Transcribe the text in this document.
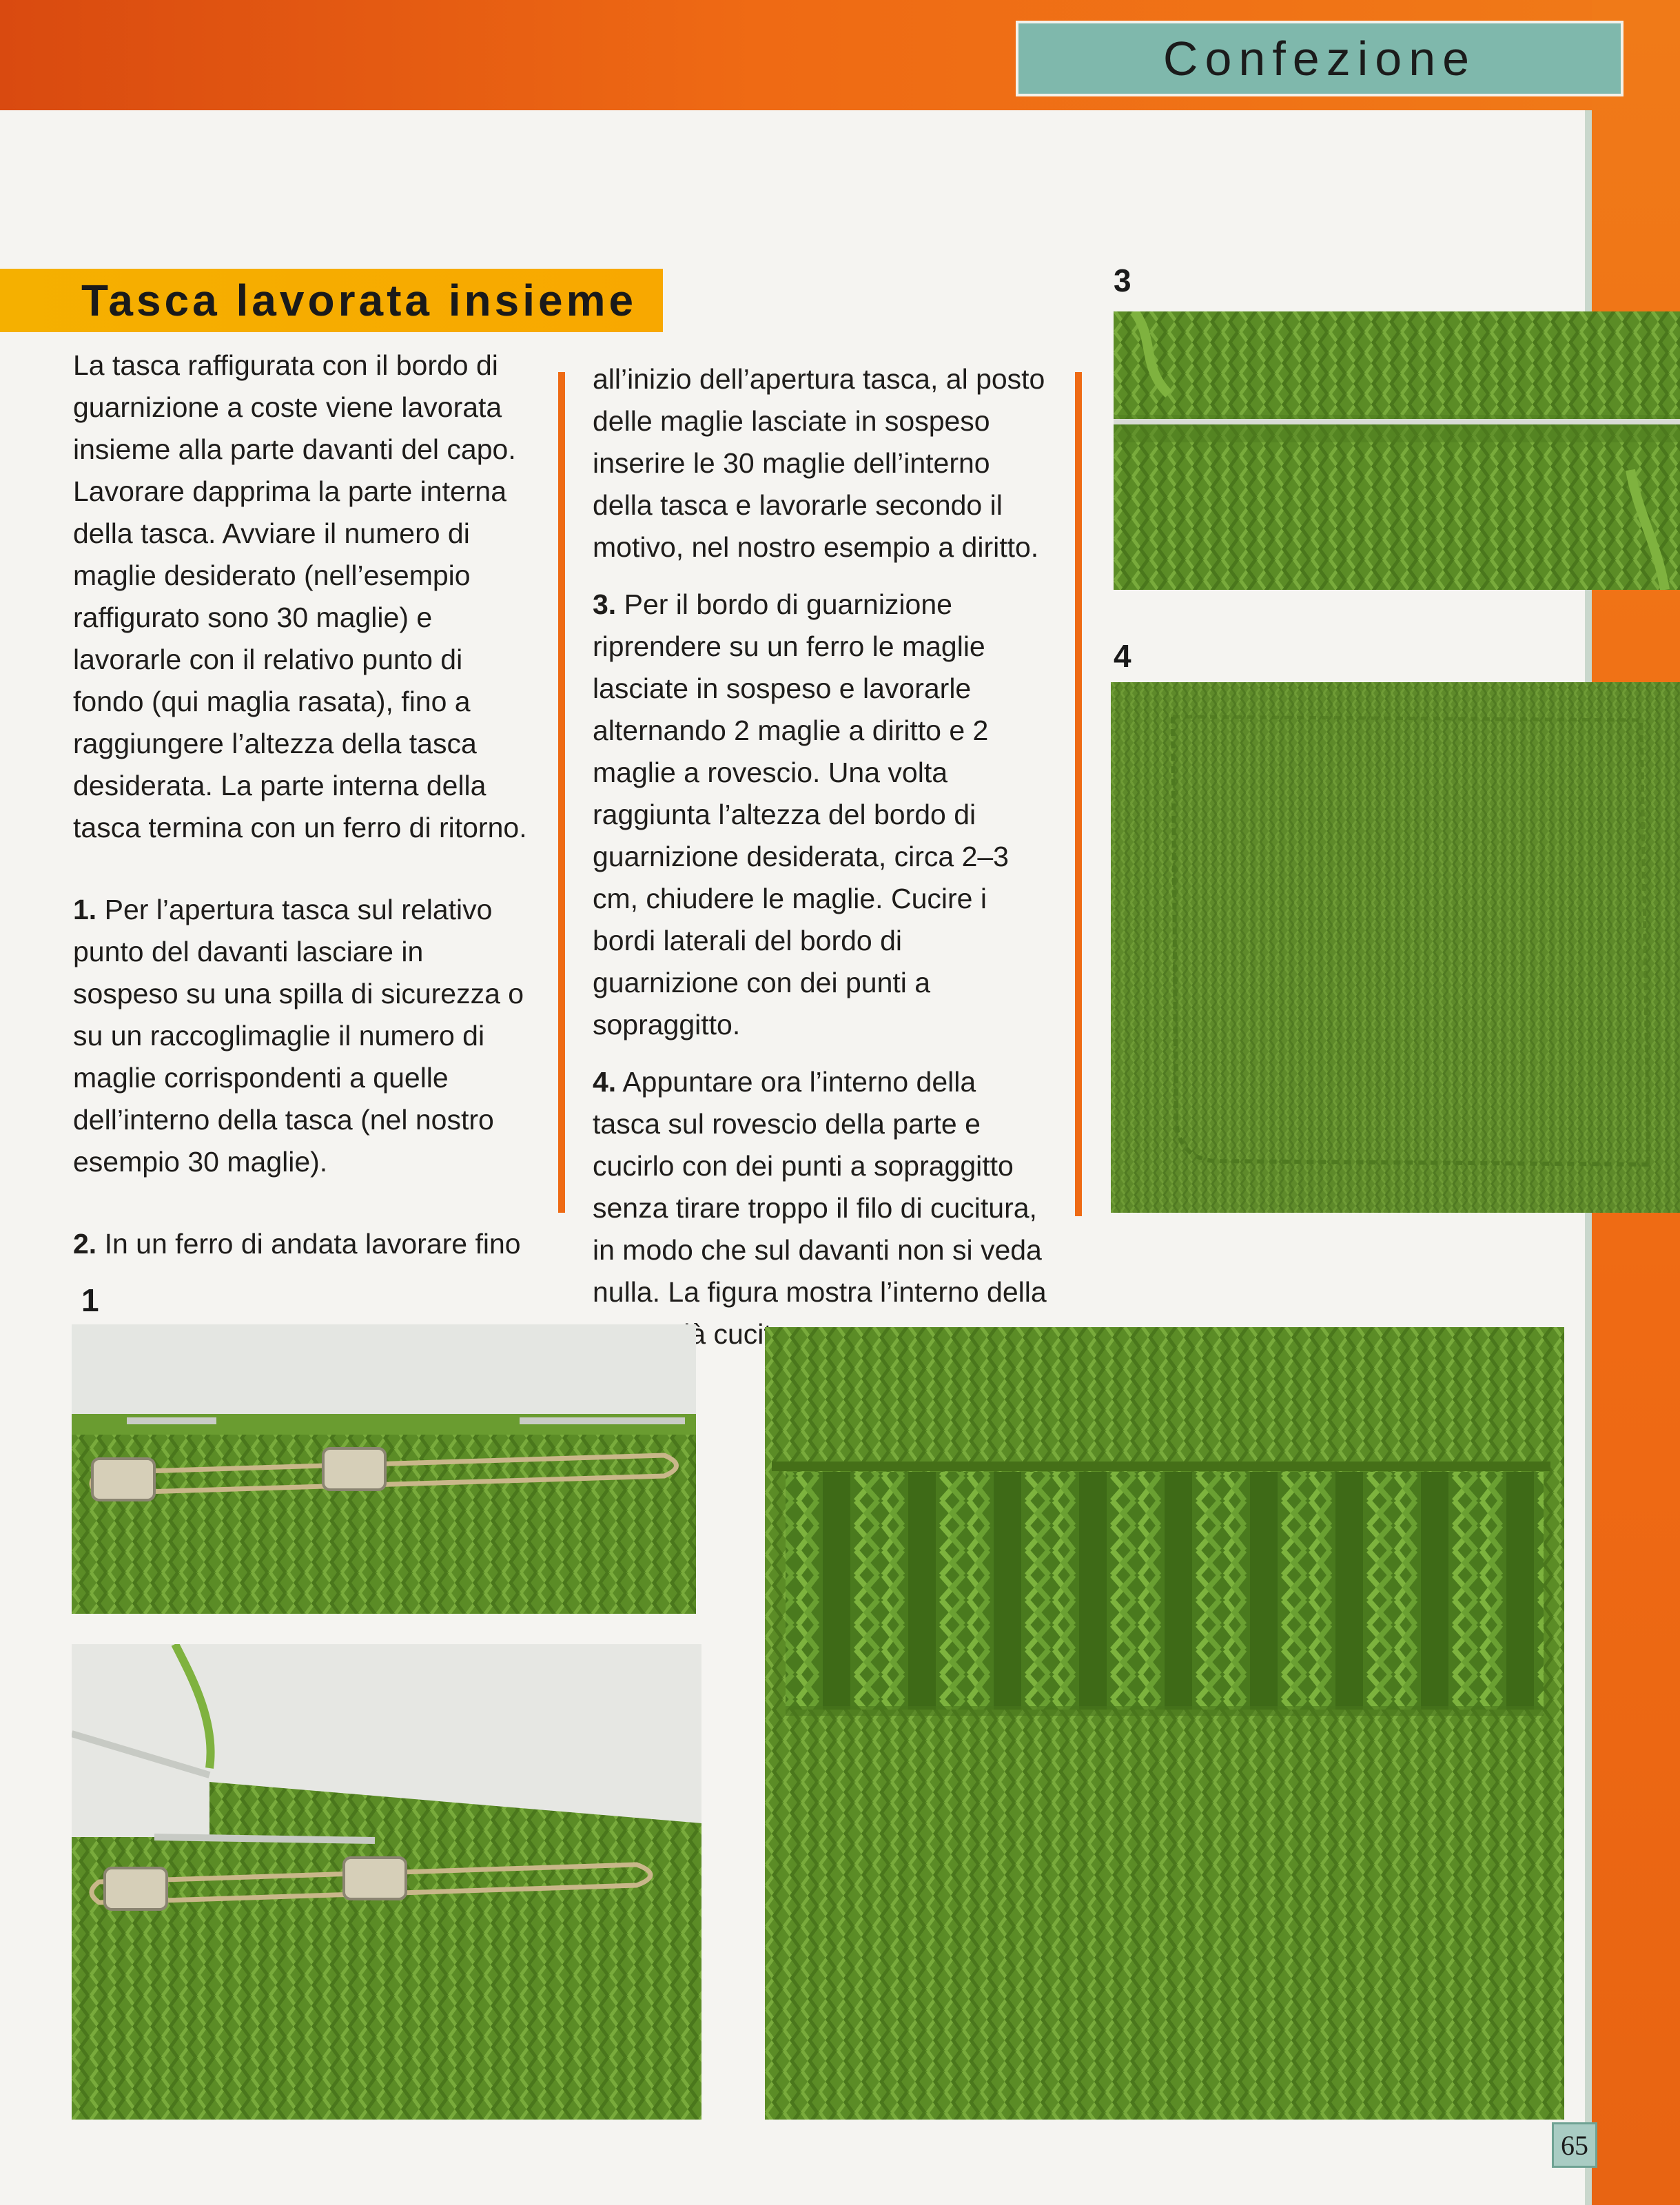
Confezione
Tasca lavorata insieme

La tasca raffigurata con il bordo di guarnizione a coste viene lavorata insieme alla parte davanti del capo. Lavorare dapprima la parte interna della tasca. Avviare il numero di maglie desiderato (nell’esempio raffigurato sono 30 maglie) e lavorarle con il relativo punto di fondo (qui maglia rasata), fino a raggiungere l’altezza della tasca desiderata. La parte interna della tasca termina con un ferro di ritorno.

1. Per l’apertura tasca sul relativo punto del davanti lasciare in sospeso su una spilla di sicurezza o su un raccoglimaglie il numero di maglie corrispondenti a quelle dell’interno della tasca (nel nostro esempio 30 maglie).

2. In un ferro di andata lavorare fino

all’inizio dell’apertura tasca, al posto delle maglie lasciate in sospeso inserire le 30 maglie dell’interno della tasca e lavorarle secondo il motivo, nel nostro esempio a diritto.

3. Per il bordo di guarnizione riprendere su un ferro le maglie lasciate in sospeso e lavorarle alternando 2 maglie a diritto e 2 maglie a rovescio. Una volta raggiunta l’altezza del bordo di guarnizione desiderata, circa 2–3 cm, chiudere le maglie. Cucire i bordi laterali del bordo di guarnizione con dei punti a sopraggitto.

4. Appuntare ora l’interno della tasca sul rovescio della parte e cucirlo con dei punti a sopraggitto senza tirare troppo il filo di cucitura, in modo che sul davanti non si veda nulla. La figura mostra l’interno della cucito.

3
4
1
65
